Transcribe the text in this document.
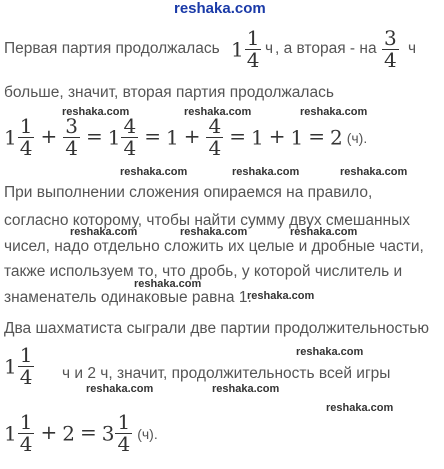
reshaka.com
Первая партия продолжалась $1 \frac{1}{4}$ ч , а вторая - на $\frac{3}{4}$ ч
больше, значит, вторая партия продолжалась
reshaka.com	reshaka.com	reshaka.com
$1 \frac{1}{4} + \frac{3}{4} = 1 \frac{4}{4} = 1 + \frac{4}{4} = 1 + 1 = 2$ (ч).
reshaka.com	reshaka.com	reshaka.com
При выполнении сложения опираемся на правило,
согласно которому, чтобы найти сумму двух смешанных
reshaka.com	reshaka.com	reshaka.com
чисел, надо отдельно сложить их целые и дробные части,
также используем то, что дробь, у которой числитель и
знаменатель одинаковые равна 1.
reshaka.com
reshaka.com
Два шахматиста сыграли две партии продолжительностью
reshaka.com
$1 \frac{1}{4}$ ч и 2 ч, значит, продолжительность всей игры
reshaka.com	reshaka.com
reshaka.com
$1 \frac{1}{4} + 2 = 3 \frac{1}{4} (ч)$.
